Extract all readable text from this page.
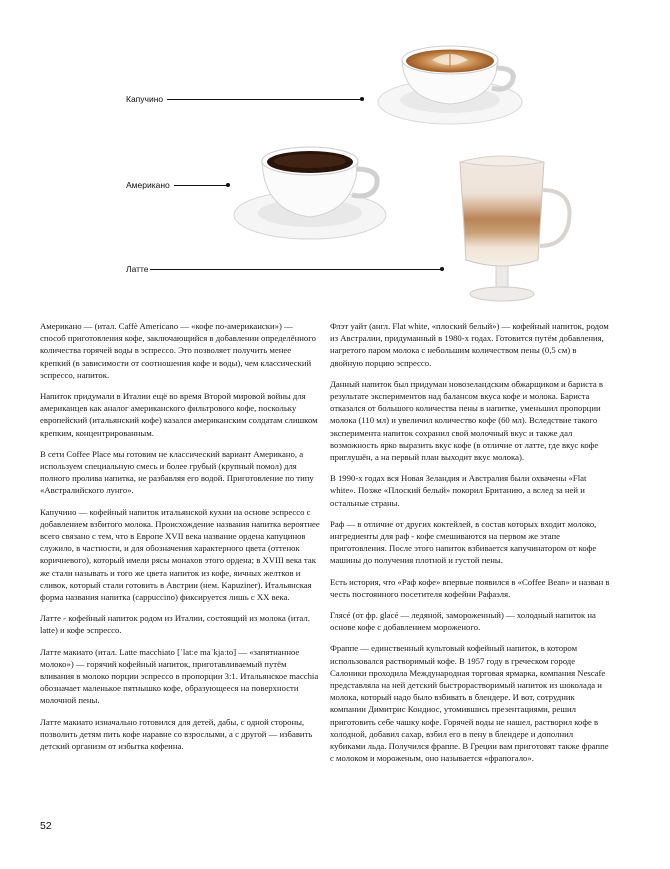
Капучино
Американо
Латте

Американо — (итал. Caffè Americano — «кофе по-американски») — способ приготовления кофе, заключающийся в добавлении определённого количества горячей воды в эспрессо. Это позволяет получить менее крепкий (в зависимости от соотношения кофе и воды), чем классический эспрессо, напиток.

Напиток придумали в Италии ещё во время Второй мировой войны для американцев как аналог американского фильтрового кофе, поскольку европейский (итальянский кофе) казался американским солдатам слишком крепким, концентрированным.

В сети Coffee Place мы готовим не классический вариант Американо, а используем специальную смесь и более грубый (крупный помол) для полного пролива напитка, не разбавляя его водой. Приготовление по типу «Австралийского лунго».

Капучино — кофейный напиток итальянской кухни на основе эспрессо с добавлением взбитого молока. Происхождение названия напитка вероятнее всего связано с тем, что в Европе XVII века название ордена капуцинов служило, в частности, и для обозначения характерного цвета (оттенок коричневого), который имели рясы монахов этого ордена; в XVIII века так же стали называть и того же цвета напиток из кофе, яичных желтков и сливок, который стали готовить в Австрии (нем. Kapuziner). Итальянская форма названия напитка (cappuccino) фиксируется лишь с XX века.

Латте - кофейный напиток родом из Италии, состоящий из молока (итал. latte) и кофе эспрессо.

Латте макиато (итал. Latte macchiato [ˈlatːe maˈkjaːto] — «запятнанное молоко») — горячий кофейный напиток, приготавливаемый путём вливания в молоко порции эспрессо в пропорции 3:1. Итальянское macchia обозначает маленькое пятнышко кофе, образующееся на поверхности молочной пены.

Латте макиато изначально готовился для детей, дабы, с одной стороны, позволить детям пить кофе наравне со взрослыми, а с другой — избавить детский организм от избытка кофеина.

Флэт уайт (англ. Flat white, «плоский белый») — кофейный напиток, родом из Австралии, придуманный в 1980-х годах. Готовится путём добавления, нагретого паром молока с небольшим количеством пены (0,5 см) в двойную порцию эспрессо.

Данный напиток был придуман новозеландским обжарщиком и бариста в результате экспериментов над балансом вкуса кофе и молока. Бариста отказался от большого количества пены в напитке, уменьшил пропорции молока (110 мл) и увеличил количество кофе (60 мл). Вследствие такого эксперимента напиток сохранил свой молочный вкус и также дал возможность ярко выразить вкус кофе (в отличие от латте, где вкус кофе приглушён, а на первый план выходит вкус молока).

В 1990-х годах вся Новая Зеландия и Австралия были охвачены «Flat white». Позже «Плоский белый» покорил Британию, а вслед за ней и остальные страны.

Раф — в отличие от других коктейлей, в состав которых входит молоко, ингредиенты для раф - кофе смешиваются на первом же этапе приготовления. После этого напиток взбивается капучинатором от кофе машины до получения плотной и густой пены.

Есть история, что «Раф кофе» впервые появился в «Coffee Bean» и назван в честь постоянного посетителя кофейни Рафаэля.

Глясé (от фр. glacé — ледяной, замороженный) — холодный напиток на основе кофе с добавлением мороженого.

Фраппе — единственный культовый кофейный напиток, в котором использовался растворимый кофе. В 1957 году в греческом городе Салоники проходила Международная торговая ярмарка, компания Nescafe представляла на ней детский быстрорастворимый напиток из шоколада и молока, который надо было взбивать в блендере. И вот, сотрудник компании Димитрис Кондиос, утомившись презентациями, решил приготовить себе чашку кофе. Горячей воды не нашел, растворил кофе в холодной, добавил сахар, взбил его в пену в блендере и дополнил кубиками льда. Получился фраппе. В Греции вам приготовят также фраппе с молоком и мороженым, оно называется «фрапогало».

52
